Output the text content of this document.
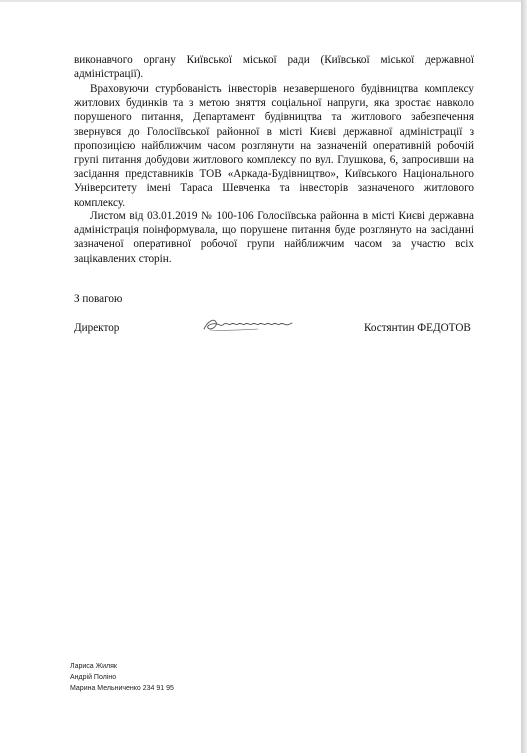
виконавчого органу Київської міської ради (Київської міської державної адміністрації).
Враховуючи стурбованість інвесторів незавершеного будівництва комплексу житлових будинків та з метою зняття соціальної напруги, яка зростає навколо порушеного питання, Департамент будівництва та житлового забезпечення звернувся до Голосіївської районної в місті Києві державної адміністрації з пропозицією найближчим часом розглянути на зазначеній оперативній робочій групі питання добудови житлового комплексу по вул. Глушкова, 6, запросивши на засідання представників ТОВ «Аркада-Будівництво», Київського Національного Університету імені Тараса Шевченка та інвесторів зазначеного житлового комплексу.
Листом від 03.01.2019 № 100-106 Голосіївська районна в місті Києві державна адміністрація поінформувала, що порушене питання буде розглянуто на засіданні зазначеної оперативної робочої групи найближчим часом за участю всіх зацікавлених сторін.
З повагою
Директор	Костянтин ФЕДОТОВ
Лариса Жиляк
Андрій Поліно
Марина Мельниченко 234 91 95
